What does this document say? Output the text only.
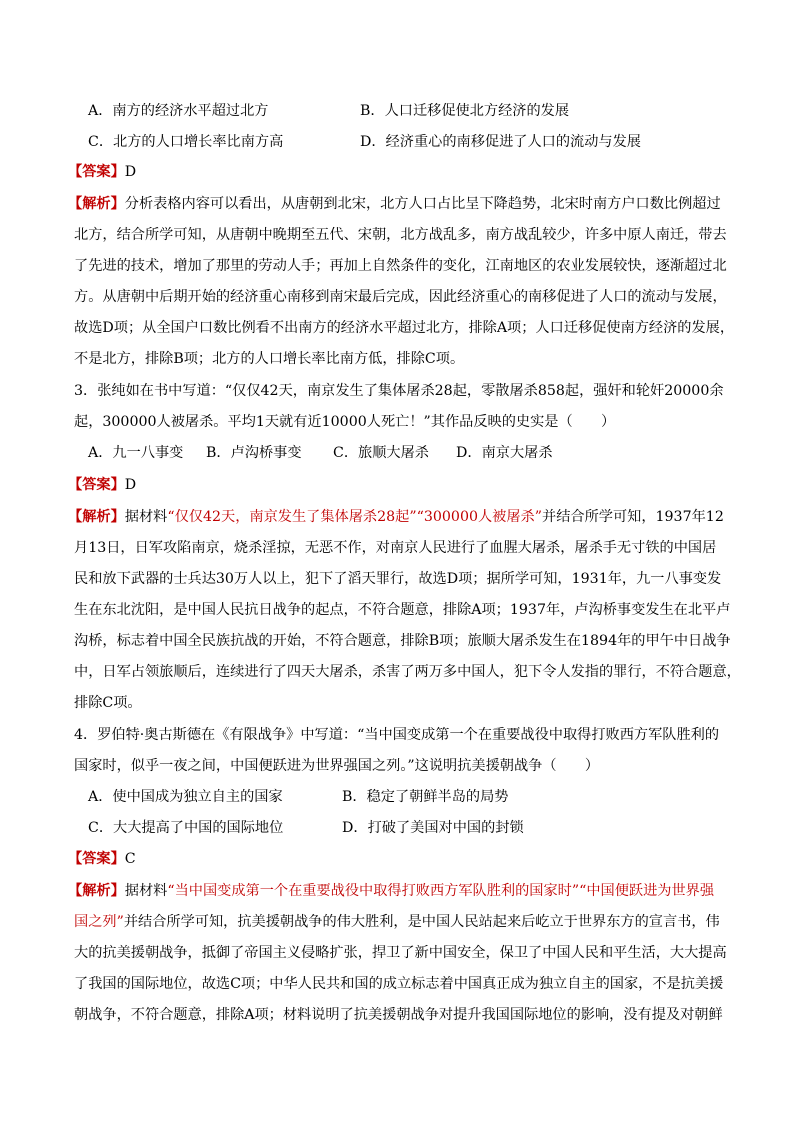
A．南方的经济水平超过北方	B．人口迁移促使北方经济的发展
C．北方的人口增长率比南方高	D．经济重心的南移促进了人口的流动与发展
【答案】D
【解析】分析表格内容可以看出，从唐朝到北宋，北方人口占比呈下降趋势，北宋时南方户口数比例超过
北方，结合所学可知，从唐朝中晚期至五代、宋朝，北方战乱多，南方战乱较少，许多中原人南迁，带去
了先进的技术，增加了那里的劳动人手；再加上自然条件的变化，江南地区的农业发展较快，逐渐超过北
方。从唐朝中后期开始的经济重心南移到南宋最后完成，因此经济重心的南移促进了人口的流动与发展，
故选D项；从全国户口数比例看不出南方的经济水平超过北方，排除A项；人口迁移促使南方经济的发展，
不是北方，排除B项；北方的人口增长率比南方低，排除C项。
3．张纯如在书中写道：“仅仅42天，南京发生了集体屠杀28起，零散屠杀858起，强奸和轮奸20000余
起，300000人被屠杀。平均1天就有近10000人死亡！”其作品反映的史实是（　　）
A．九一八事变 B．卢沟桥事变 C．旅顺大屠杀 D．南京大屠杀
【答案】D
【解析】据材料“仅仅42天，南京发生了集体屠杀28起”“300000人被屠杀”并结合所学可知，1937年12
月13日，日军攻陷南京，烧杀淫掠，无恶不作，对南京人民进行了血腥大屠杀，屠杀手无寸铁的中国居
民和放下武器的士兵达30万人以上，犯下了滔天罪行，故选D项；据所学可知，1931年，九一八事变发
生在东北沈阳，是中国人民抗日战争的起点，不符合题意，排除A项；1937年，卢沟桥事变发生在北平卢
沟桥，标志着中国全民族抗战的开始，不符合题意，排除B项；旅顺大屠杀发生在1894年的甲午中日战争
中，日军占领旅顺后，连续进行了四天大屠杀，杀害了两万多中国人，犯下令人发指的罪行，不符合题意，
排除C项。
4．罗伯特·奥古斯德在《有限战争》中写道：“当中国变成第一个在重要战役中取得打败西方军队胜利的
国家时，似乎一夜之间，中国便跃进为世界强国之列。”这说明抗美援朝战争（　　）
A．使中国成为独立自主的国家	B．稳定了朝鲜半岛的局势
C．大大提高了中国的国际地位	D．打破了美国对中国的封锁
【答案】C
【解析】据材料“当中国变成第一个在重要战役中取得打败西方军队胜利的国家时”“中国便跃进为世界强
国之列”并结合所学可知，抗美援朝战争的伟大胜利，是中国人民站起来后屹立于世界东方的宣言书，伟
大的抗美援朝战争，抵御了帝国主义侵略扩张，捍卫了新中国安全，保卫了中国人民和平生活，大大提高
了我国的国际地位，故选C项；中华人民共和国的成立标志着中国真正成为独立自主的国家，不是抗美援
朝战争，不符合题意，排除A项；材料说明了抗美援朝战争对提升我国国际地位的影响，没有提及对朝鲜
